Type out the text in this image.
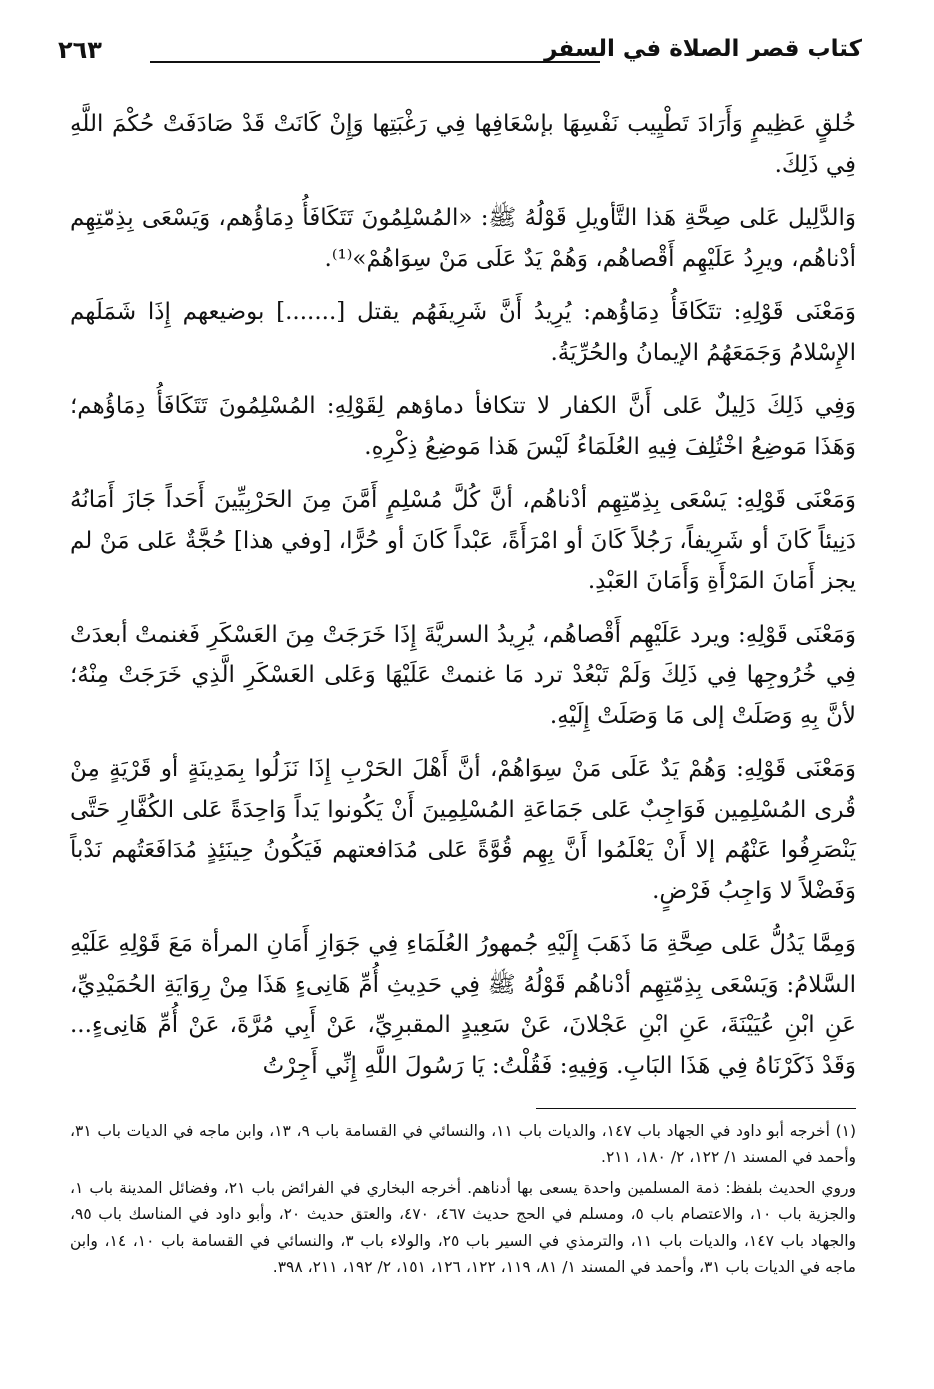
كتاب قصر الصلاة في السفر
٢٦٣

خُلقٍ عَظِيمٍ وَأَرَادَ تَطْيِيب نَفْسِهَا بإسْعَافِها فِي رَغْبَتِها وَإِنْ كَانَتْ قَدْ صَادَفَتْ حُكْمَ اللَّهِ فِي ذَلِكَ.

وَالدَّلِيل عَلى صِحَّةِ هَذا التَّأويلِ قَوْلُهُ ﷺ: «المُسْلِمُونَ تَتَكَافَأُ دِمَاؤُهم، وَيَسْعَى بِذِمّتِهِم أدْناهُم، ويرِدُ عَلَيْهِم أَقْصاهُم، وَهُمْ يَدٌ عَلَى مَنْ سِوَاهُمْ»⁽¹⁾.

وَمَعْنَى قَوْلِهِ: تتَكَافَأُ دِمَاؤُهم: يُرِيدُ أَنَّ شَرِيفَهُم يقتل [.......] بوضيعهم إِذَا شَمَلَهم الإِسْلامُ وَجَمَعَهُمُ الإيمانُ والحُرِّيَةُ.

وَفِي ذَلِكَ دَلِيلٌ عَلى أَنَّ الكفار لا تتكافأ دماؤهم لِقَوْلِهِ: المُسْلِمُونَ تَتَكَافَأُ دِمَاؤُهم؛ وَهَذَا مَوضِعُ اخْتُلِفَ فِيهِ العُلَمَاءُ لَيْسَ هَذا مَوضِعُ ذِكْرِهِ.

وَمَعْنَى قَوْلِهِ: يَسْعَى بِذِمّتِهِم أدْناهُم، أنَّ كُلَّ مُسْلِمٍ أَمَّنَ مِنَ الحَرْبِيِّينَ أَحَداً جَازَ أَمَانُهُ دَنِيئاً كَانَ أو شَرِيفاً، رَجُلاً كَانَ أو امْرَأَةً، عَبْداً كَانَ أو حُرًّا، [وفي هذا] حُجَّةٌ عَلى مَنْ لم يجز أَمَانَ المَرْأَةِ وَأَمَانَ العَبْدِ.

وَمَعْنَى قَوْلِهِ: ويرد عَلَيْهِم أَقْصاهُم، يُرِيدُ السريَّةَ إِذَا خَرَجَتْ مِنَ العَسْكَرِ فَغنمتْ أبعدَتْ فِي خُرُوجِها فِي ذَلِكَ وَلَمْ تَبْعُدْ ترد مَا غنمتْ عَلَيْهَا وَعَلى العَسْكَرِ الَّذِي خَرَجَتْ مِنْهُ؛ لأنَّ بِهِ وَصَلَتْ إلى مَا وَصَلَتْ إِلَيْهِ.

وَمَعْنَى قَوْلِهِ: وَهُمْ يَدٌ عَلَى مَنْ سِوَاهُمْ، أنَّ أَهْلَ الحَرْبِ إِذَا نَزَلُوا بِمَدِينَةٍ أو قَرْيَةٍ مِنْ قُرى المُسْلِمِين فَوَاجِبٌ عَلى جَمَاعَةِ المُسْلِمِينَ أَنْ يَكُونوا يَداً وَاحِدَةً عَلى الكُفَّارِ حَتَّى يَنْصَرِفُوا عَنْهُم إلا أَنْ يَعْلَمُوا أَنَّ بِهِم قُوَّةً عَلى مُدَافعتهم فَيَكُونُ حِينَئِذٍ مُدَافَعَتُهم نَدْباً وَفَضْلاً لا وَاجِبُ فَرْضٍ.

وَمِمَّا يَدُلُّ عَلى صِحَّةِ مَا ذَهَبَ إِلَيْهِ جُمهورُ العُلَمَاءِ فِي جَوَازِ أَمَانِ المرأة مَعَ قَوْلِهِ عَلَيْهِ السَّلامُ: وَيَسْعَى بِذِمّتِهِم أدْناهُم قَوْلُهُ ﷺ فِي حَدِيثِ أُمِّ هَانِىءٍ هَذَا مِنْ رِوَايَةِ الحُمَيْدِيِّ، عَنِ ابْنِ عُيَيْنَةَ، عَنِ ابْنِ عَجْلانَ، عَنْ سَعِيدٍ المقبرِيِّ، عَنْ أَبِي مُرَّةَ، عَنْ أُمِّ هَانِىءٍ... وَقَدْ ذَكَرْنَاهُ فِي هَذَا البَابِ. وَفِيهِ: فَقُلْتُ: يَا رَسُولَ اللَّهِ إِنِّي أَجِرْتُ

(١) أخرجه أبو داود في الجهاد باب ١٤٧، والديات باب ١١، والنسائي في القسامة باب ٩، ١٣، وابن ماجه في الديات باب ٣١، وأحمد في المسند ١/ ١٢٢، ٢/ ١٨٠، ٢١١.

وروي الحديث بلفظ: ذمة المسلمين واحدة يسعى بها أدناهم. أخرجه البخاري في الفرائض باب ٢١، وفضائل المدينة باب ١، والجزية باب ١٠، والاعتصام باب ٥، ومسلم في الحج حديث ٤٦٧، ٤٧٠، والعتق حديث ٢٠، وأبو داود في المناسك باب ٩٥، والجهاد باب ١٤٧، والديات باب ١١، والترمذي في السير باب ٢٥، والولاء باب ٣، والنسائي في القسامة باب ١٠، ١٤، وابن ماجه في الديات باب ٣١، وأحمد في المسند ١/ ٨١، ١١٩، ١٢٢، ١٢٦، ١٥١، ٢/ ١٩٢، ٢١١، ٣٩٨.
